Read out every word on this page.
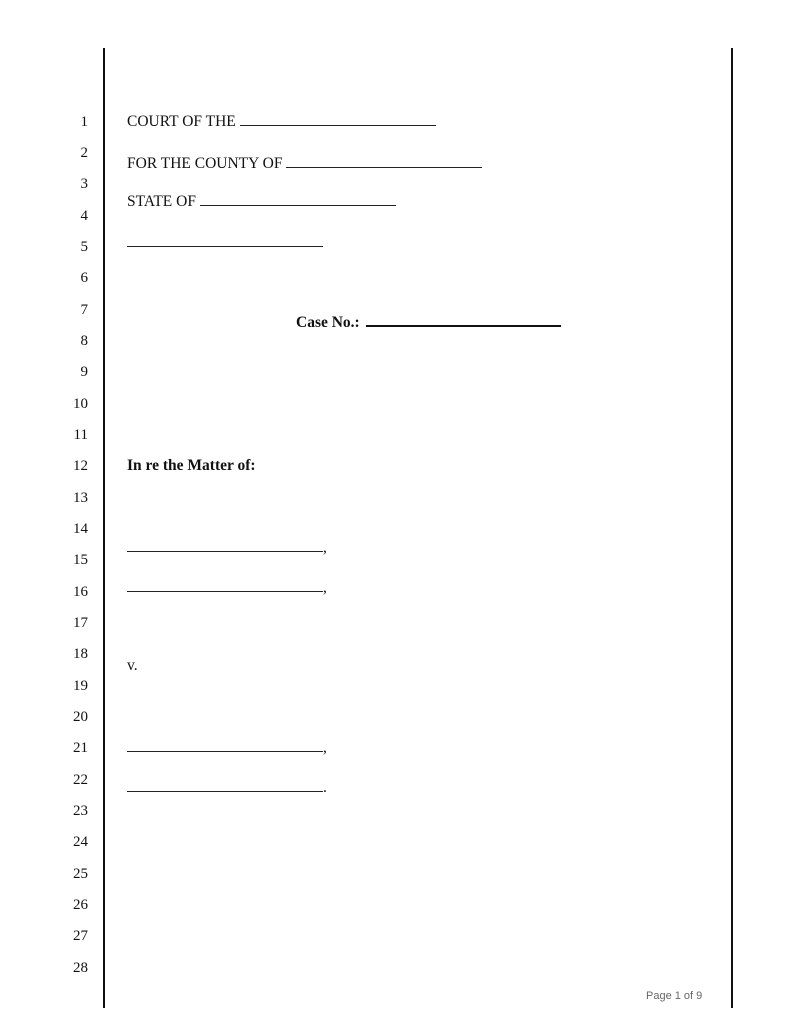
1
2
3
4
5
6
7
8
9
10
11
12
13
14
15
16
17
18
19
20
21
22
23
24
25
26
27
28
COURT OF THE
FOR THE COUNTY OF
STATE OF
Case No.:
In re the Matter of:
,
,
v.
,
.
Page 1 of 9
